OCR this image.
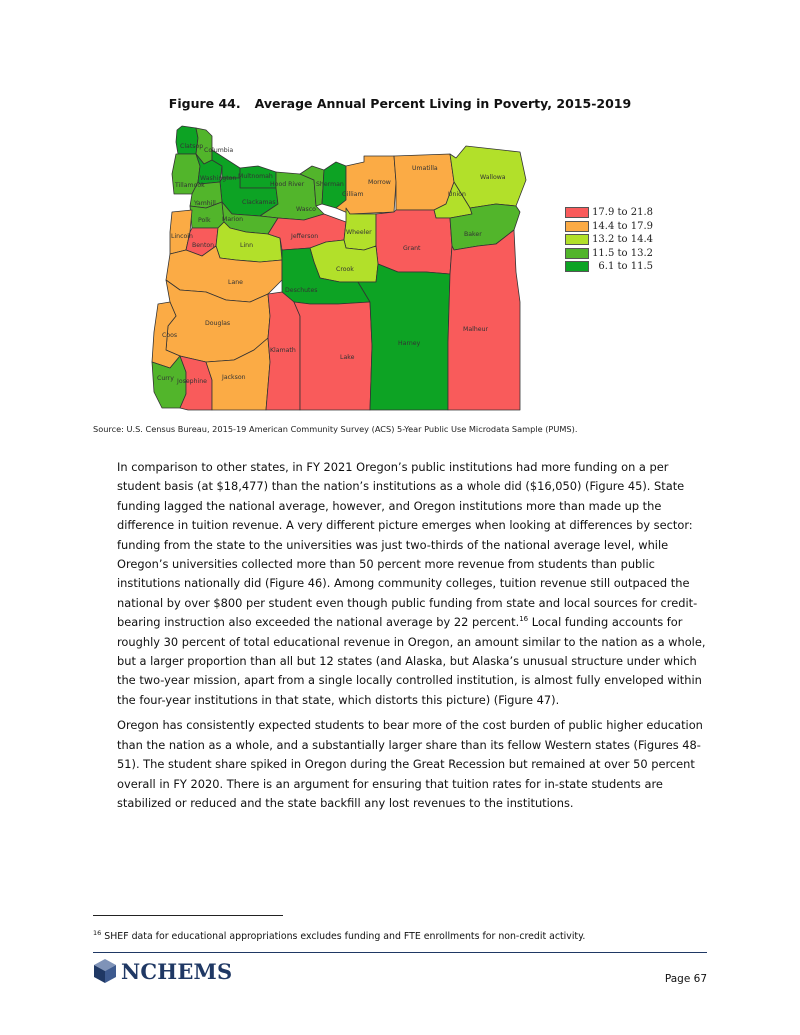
Figure 44. Average Annual Percent Living in Poverty, 2015-2019
Clatsop
Columbia
Tillamook
Washington Multnomah
Hood River Sherman
Gilliam
Morrow
Umatilla
Wallowa
Union
Yamhill	Clackamas
Wasco
Polk Marion
Lincoln
Benton	Linn
Jefferson
Wheeler
Grant
Baker
Crook
Lane
Deschutes
Douglas
Coos
Malheur
Harney
Klamath
Lake
Curry Josephine
Jackson
17.9 to 21.8
14.4 to 17.9
13.2 to 14.4
11.5 to 13.2
6.1 to 11.5
Source: U.S. Census Bureau, 2015-19 American Community Survey (ACS) 5-Year Public Use Microdata Sample (PUMS).

In comparison to other states, in FY 2021 Oregon’s public institutions had more funding on a per student basis (at $18,477) than the nation’s institutions as a whole did ($16,050) (Figure 45). State funding lagged the national average, however, and Oregon institutions more than made up the difference in tuition revenue. A very different picture emerges when looking at differences by sector: funding from the state to the universities was just two-thirds of the national average level, while Oregon’s universities collected more than 50 percent more revenue from students than public institutions nationally did (Figure 46). Among community colleges, tuition revenue still outpaced the national by over $800 per student even though public funding from state and local sources for credit-bearing instruction also exceeded the national average by 22 percent.$^{16}$ Local funding accounts for roughly 30 percent of total educational revenue in Oregon, an amount similar to the nation as a whole, but a larger proportion than all but 12 states (and Alaska, but Alaska’s unusual structure under which the two-year mission, apart from a single locally controlled institution, is almost fully enveloped within the four-year institutions in that state, which distorts this picture) (Figure 47).

Oregon has consistently expected students to bear more of the cost burden of public higher education than the nation as a whole, and a substantially larger share than its fellow Western states (Figures 48-51). The student share spiked in Oregon during the Great Recession but remained at over 50 percent overall in FY 2020. There is an argument for ensuring that tuition rates for in-state students are stabilized or reduced and the state backfill any lost revenues to the institutions.

$^{16}$ SHEF data for educational appropriations excludes funding and FTE enrollments for non-credit activity.
NCHEMS	Page 67
